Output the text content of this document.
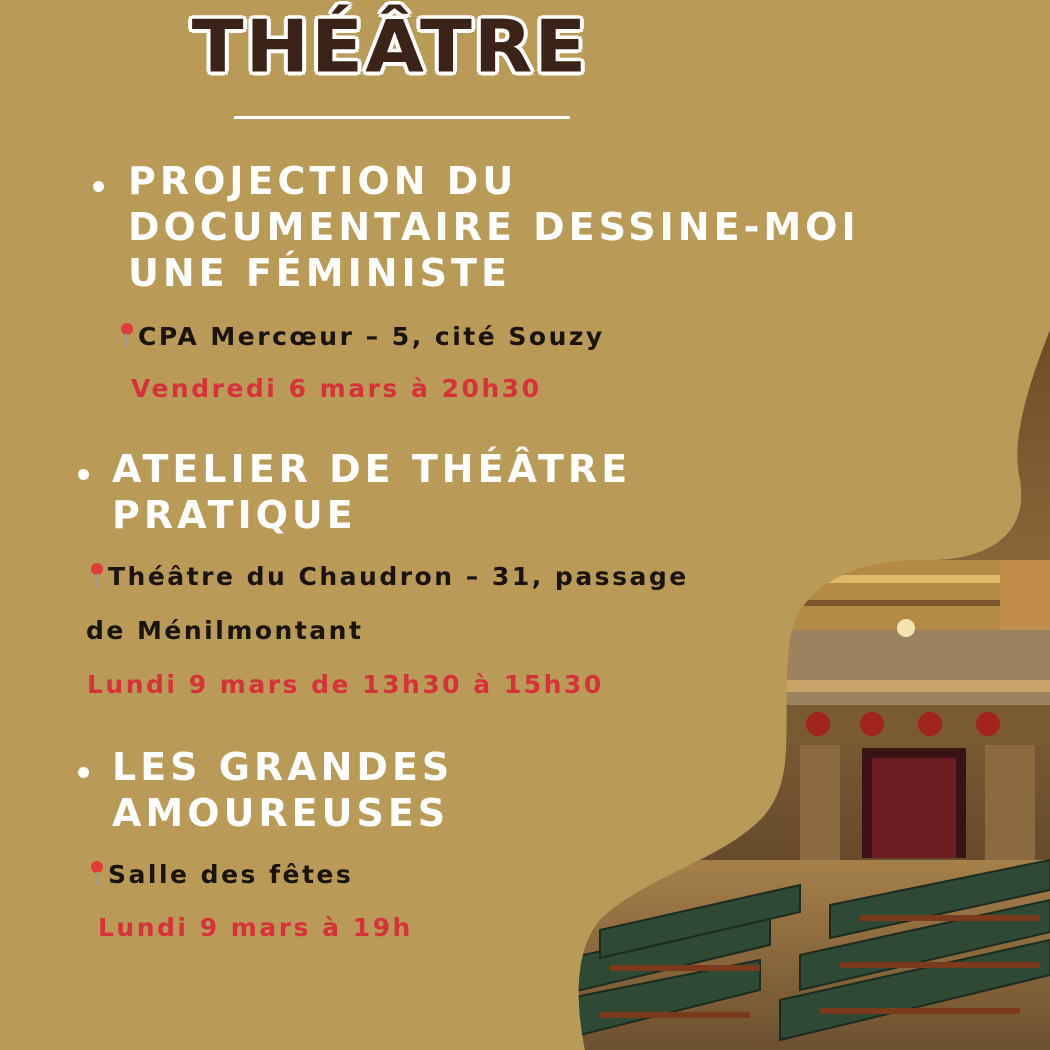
THÉÂTRE
PROJECTION DU
DOCUMENTAIRE DESSINE-MOI
UNE FÉMINISTE
CPA Mercœur – 5, cité Souzy
Vendredi 6 mars à 20h30
ATELIER DE THÉÂTRE
PRATIQUE
Théâtre du Chaudron – 31, passage
de Ménilmontant
Lundi 9 mars de 13h30 à 15h30
LES GRANDES
AMOUREUSES
Salle des fêtes
Lundi 9 mars à 19h
